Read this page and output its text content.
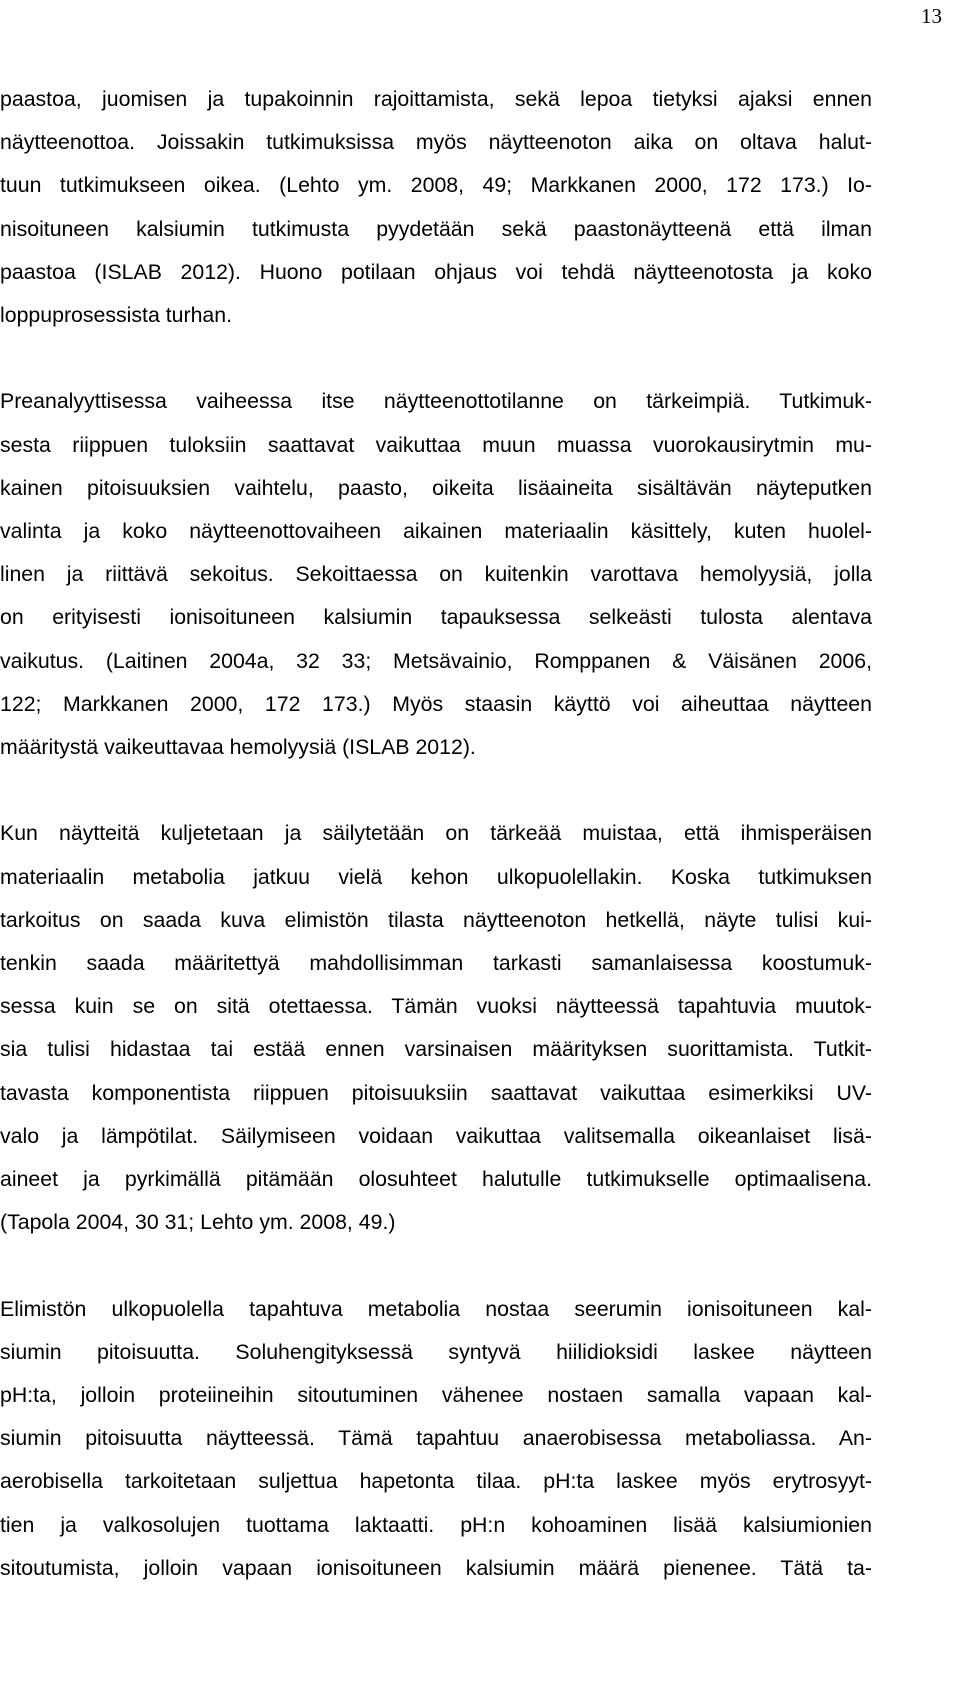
13

paastoa, juomisen ja tupakoinnin rajoittamista, sekä lepoa tietyksi ajaksi ennen
näytteenottoa. Joissakin tutkimuksissa myös näytteenoton aika on oltava halut-
tuun tutkimukseen oikea. (Lehto ym. 2008, 49; Markkanen 2000, 172 173.) Io-
nisoituneen kalsiumin tutkimusta pyydetään sekä paastonäytteenä että ilman
paastoa (ISLAB 2012). Huono potilaan ohjaus voi tehdä näytteenotosta ja koko
loppuprosessista turhan.

Preanalyyttisessa vaiheessa itse näytteenottotilanne on tärkeimpiä. Tutkimuk-
sesta riippuen tuloksiin saattavat vaikuttaa muun muassa vuorokausirytmin mu-
kainen pitoisuuksien vaihtelu, paasto, oikeita lisäaineita sisältävän näyteputken
valinta ja koko näytteenottovaiheen aikainen materiaalin käsittely, kuten huolel-
linen ja riittävä sekoitus. Sekoittaessa on kuitenkin varottava hemolyysiä, jolla
on erityisesti ionisoituneen kalsiumin tapauksessa selkeästi tulosta alentava
vaikutus. (Laitinen 2004a, 32 33; Metsävainio, Romppanen & Väisänen 2006,
122; Markkanen 2000, 172 173.) Myös staasin käyttö voi aiheuttaa näytteen
määritystä vaikeuttavaa hemolyysiä (ISLAB 2012).

Kun näytteitä kuljetetaan ja säilytetään on tärkeää muistaa, että ihmisperäisen
materiaalin metabolia jatkuu vielä kehon ulkopuolellakin. Koska tutkimuksen
tarkoitus on saada kuva elimistön tilasta näytteenoton hetkellä, näyte tulisi kui-
tenkin saada määritettyä mahdollisimman tarkasti samanlaisessa koostumuk-
sessa kuin se on sitä otettaessa. Tämän vuoksi näytteessä tapahtuvia muutok-
sia tulisi hidastaa tai estää ennen varsinaisen määrityksen suorittamista. Tutkit-
tavasta komponentista riippuen pitoisuuksiin saattavat vaikuttaa esimerkiksi UV-
valo ja lämpötilat. Säilymiseen voidaan vaikuttaa valitsemalla oikeanlaiset lisä-
aineet ja pyrkimällä pitämään olosuhteet halutulle tutkimukselle optimaalisena.
(Tapola 2004, 30 31; Lehto ym. 2008, 49.)

Elimistön ulkopuolella tapahtuva metabolia nostaa seerumin ionisoituneen kal-
siumin pitoisuutta. Soluhengityksessä syntyvä hiilidioksidi laskee näytteen
pH:ta, jolloin proteiineihin sitoutuminen vähenee nostaen samalla vapaan kal-
siumin pitoisuutta näytteessä. Tämä tapahtuu anaerobisessa metaboliassa. An-
aerobisella tarkoitetaan suljettua hapetonta tilaa. pH:ta laskee myös erytrosyyt-
tien ja valkosolujen tuottama laktaatti. pH:n kohoaminen lisää kalsiumionien
sitoutumista, jolloin vapaan ionisoituneen kalsiumin määrä pienenee. Tätä ta-
